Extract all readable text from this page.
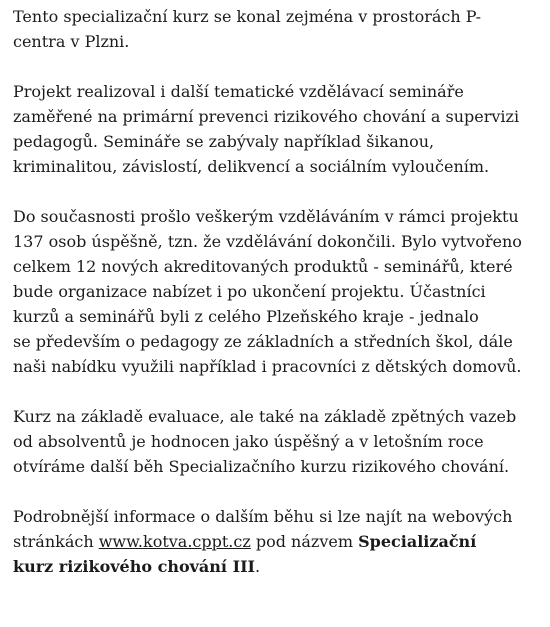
Tento specializační kurz se konal zejména v prostorách P-
centra v Plzni.

Projekt realizoval i další tematické vzdělávací semináře
zaměřené na primární prevenci rizikového chování a supervizi
pedagogů. Semináře se zabývaly například šikanou,
kriminalitou, závislostí, delikvencí a sociálním vyloučením.

Do současnosti prošlo veškerým vzděláváním v rámci projektu
137 osob úspěšně, tzn. že vzdělávání dokončili. Bylo vytvořeno
celkem 12 nových akreditovaných produktů - seminářů, které
bude organizace nabízet i po ukončení projektu. Účastníci
kurzů a seminářů byli z celého Plzeňského kraje - jednalo
se především o pedagogy ze základních a středních škol, dále
naši nabídku využili například i pracovníci z dětských domovů.

Kurz na základě evaluace, ale také na základě zpětných vazeb
od absolventů je hodnocen jako úspěšný a v letošním roce
otvíráme další běh Specializačního kurzu rizikového chování.

Podrobnější informace o dalším běhu si lze najít na webových
stránkách www.kotva.cppt.cz pod názvem Specializační
kurz rizikového chování III.
